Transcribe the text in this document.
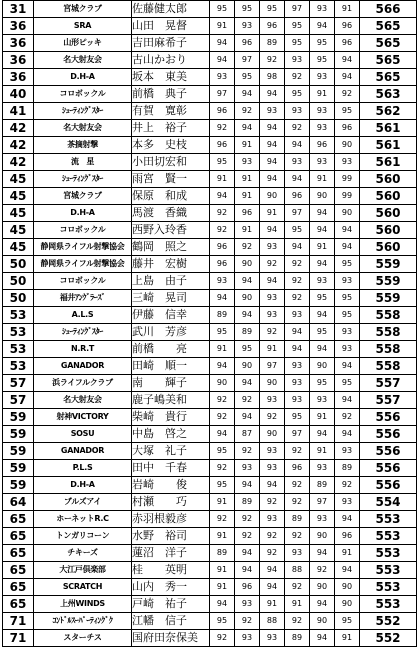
31	宮城クラブ	佐藤健太郎	95	95	95	97	93	91	566
36	SRA	山田　晃督	91	93	96	95	94	96	565
36	山形ピッキ	吉田麻希子	94	96	89	95	95	96	565
36	名大射友会	古山かおり	94	97	92	93	95	94	565
36	D.H-A	坂本　東美	93	95	98	92	93	94	565
40	コロボックル	前橋　典子	97	94	94	95	91	92	563
41	ｼｭｰﾃｨﾝｸﾞｽﾀｰ	有賀　寛彰	96	92	93	93	93	95	562
42	名大射友会	井上　裕子	92	94	94	92	93	96	561
42	茶摘射撃	本多　史枝	96	91	94	94	96	90	561
42	流　星	小田切宏和	95	93	94	93	93	93	561
45	ｼｭｰﾃｨﾝｸﾞｽﾀｰ	雨宮　賢一	91	91	94	94	91	99	560
45	宮城クラブ	保原　和成	94	91	90	96	90	99	560
45	D.H-A	馬渡　香織	92	96	91	97	94	90	560
45	コロボックル	西野入玲香	92	91	94	95	94	94	560
45	静岡県ライフル射撃協会	鶴岡　照之	96	92	93	94	91	94	560
50	静岡県ライフル射撃協会	藤井　宏樹	96	90	92	92	94	95	559
50	コロボックル	上島　由子	93	94	94	92	93	93	559
50	福井ｱﾝｸﾞﾗｰｽﾞ	三崎　晃司	94	90	93	92	95	95	559
53	A.L.S	伊藤　信幸	89	94	93	93	94	95	558
53	ｼｭｰﾃｨﾝｸﾞｽﾀｰ	武川　芳彦	95	89	92	94	95	93	558
53	N.R.T	前橋　　亮	91	95	91	94	94	93	558
53	GANADOR	田崎　順一	94	90	97	93	90	94	558
57	浜ライフルクラブ	南　　輝子	90	94	90	93	95	95	557
57	名大射友会	鹿子嶋美和	92	92	93	93	93	94	557
59	射神VICTORY	柴崎　貴行	92	94	92	95	91	92	556
59	SOSU	中島　啓之	94	87	90	97	94	94	556
59	GANADOR	大塚　礼子	95	92	93	92	91	93	556
59	P.L.S	田中　千春	92	93	93	96	93	89	556
59	D.H-A	岩崎　　俊	95	94	94	92	89	92	556
64	ブルズアイ	村瀬　　巧	91	89	92	92	97	93	554
65	ホーネットR.C	赤羽根毅彦	92	92	93	89	93	94	553
65	トンガリコーン	水野　裕司	91	92	92	92	90	96	553
65	チキーズ	蓮沼　洋子	89	94	92	93	94	91	553
65	大江戸倶楽部	桂　　英明	91	94	94	88	92	94	553
65	SCRATCH	山内　秀一	91	96	94	92	90	90	553
65	上州WINDS	戸崎　祐子	94	93	91	91	94	90	553
71	ｺﾝﾄﾞﾙｽｰﾊﾟｰﾃｨﾝｸﾞｸ	江幡　信子	95	92	88	92	90	95	552
71	スターチス	国府田奈保美	92	93	93	89	94	91	552
